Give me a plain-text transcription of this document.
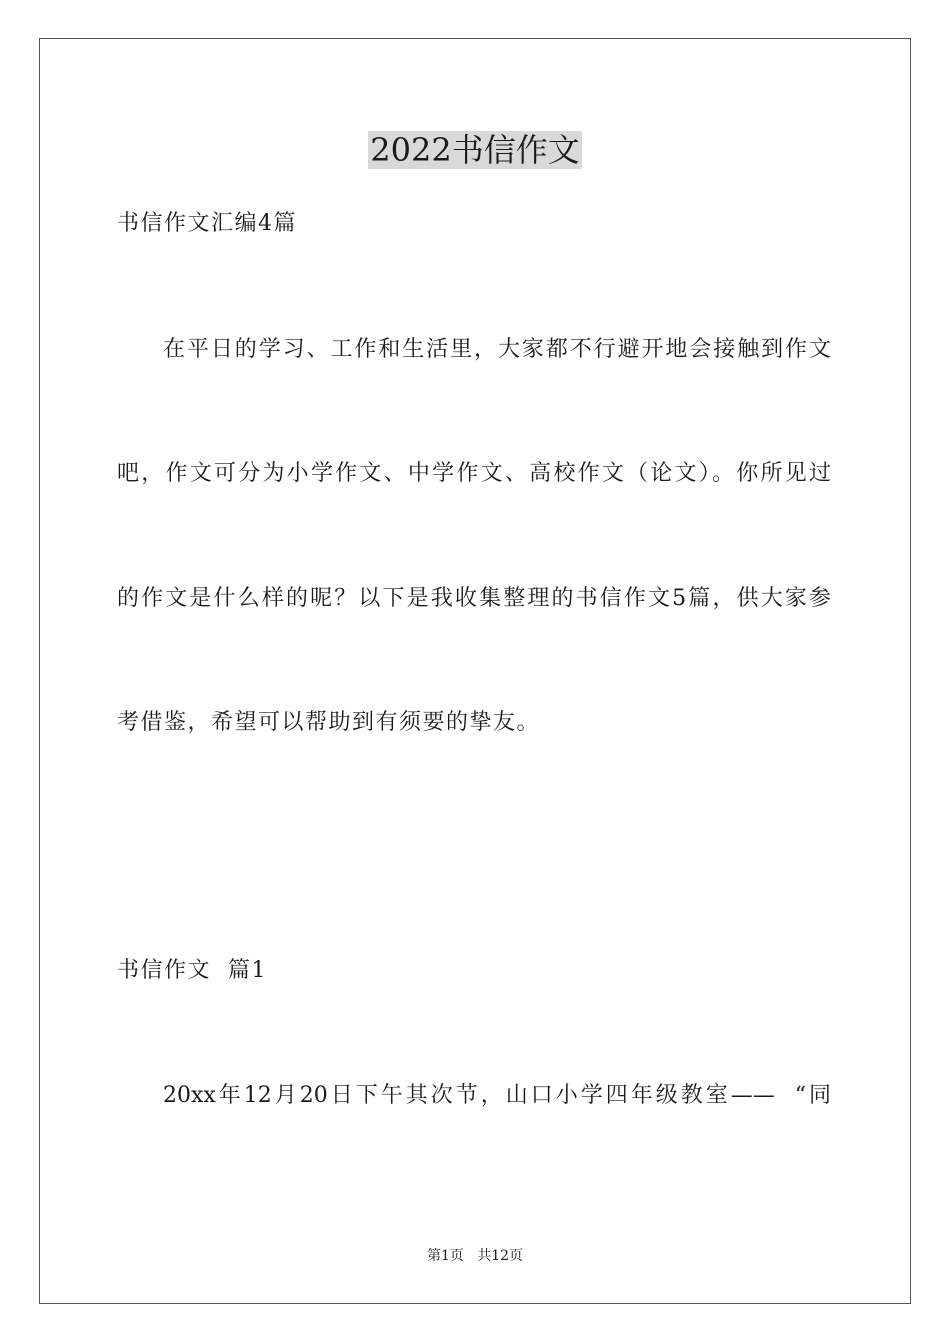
2022书信作文
书信作文汇编4篇
在平日的学习、工作和生活里，大家都不行避开地会接触到作文
吧，作文可分为小学作文、中学作文、高校作文（论文）。你所见过
的作文是什么样的呢？以下是我收集整理的书信作文5篇，供大家参
考借鉴，希望可以帮助到有须要的挚友。
书信作文  篇1
20xx年12月20日下午其次节，山口小学四年级教室——  “同
第1页   共12页
